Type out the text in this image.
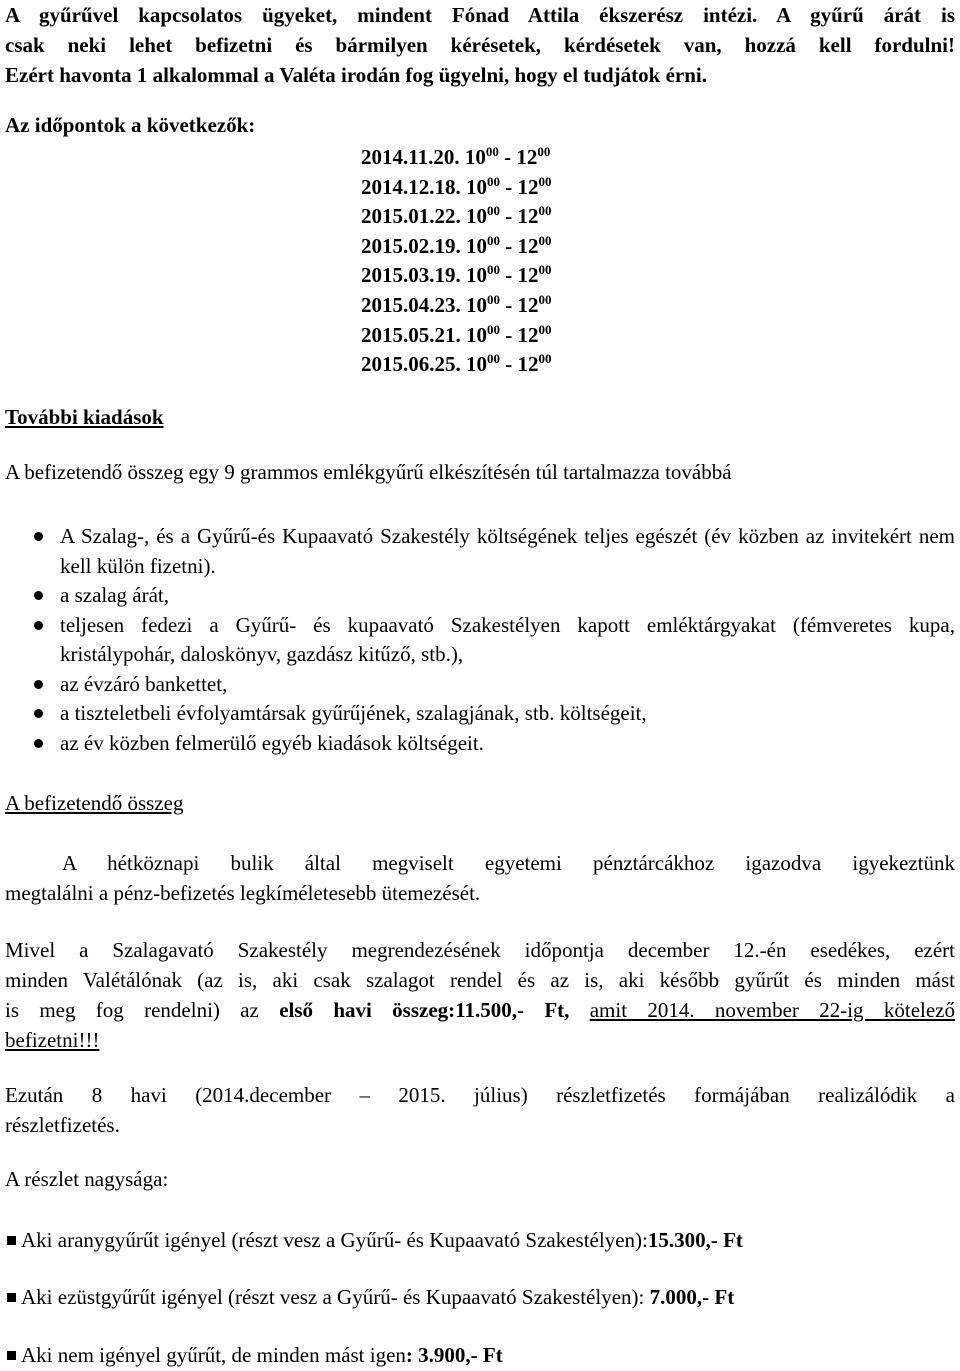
A gyűrűvel kapcsolatos ügyeket, mindent Fónad Attila ékszerész intézi. A gyűrű árát is
csak neki lehet befizetni és bármilyen kérésetek, kérdésetek van, hozzá kell fordulni!
Ezért havonta 1 alkalommal a Valéta irodán fog ügyelni, hogy el tudjátok érni.
Az időpontok a következők:
2014.11.20. $10^{00} - 12^{00}$
2014.12.18. $10^{00} - 12^{00}$
2015.01.22. $10^{00} - 12^{00}$
2015.02.19. $10^{00} - 12^{00}$
2015.03.19. $10^{00} - 12^{00}$
2015.04.23. $10^{00} - 12^{00}$
2015.05.21. $10^{00} - 12^{00}$
2015.06.25. $10^{00} - 12^{00}$
További kiadások
A befizetendő összeg egy 9 grammos emlékgyűrű elkészítésén túl tartalmazza továbbá
A Szalag-, és a Gyűrű-és Kupaavató Szakestély költségének teljes egészét (év közben az invitekért nem kell külön fizetni).
a szalag árát,
teljesen fedezi a Gyűrű- és kupaavató Szakestélyen kapott emléktárgyakat (fémveretes kupa, kristálypohár, daloskönyv, gazdász kitűző, stb.),
az évzáró bankettet,
a tiszteletbeli évfolyamtársak gyűrűjének, szalagjának, stb. költségeit,
az év közben felmerülő egyéb kiadások költségeit.
A befizetendő összeg
A hétköznapi bulik által megviselt egyetemi pénztárcákhoz igazodva igyekeztünk
megtalálni a pénz-befizetés legkíméletesebb ütemezését.
Mivel a Szalagavató Szakestély megrendezésének időpontja december 12.-én esedékes, ezért
minden Valétálónak (az is, aki csak szalagot rendel és az is, aki később gyűrűt és minden mást
is meg fog rendelni) az első havi összeg:11.500,- Ft, amit 2014. november 22-ig kötelező
befizetni!!!
Ezután 8 havi (2014.december – 2015. július) részletfizetés formájában realizálódik a
részletfizetés.
A részlet nagysága:
Aki aranygyűrűt igényel (részt vesz a Gyűrű- és Kupaavató Szakestélyen):15.300,- Ft
Aki ezüstgyűrűt igényel (részt vesz a Gyűrű- és Kupaavató Szakestélyen): 7.000,- Ft
Aki nem igényel gyűrűt, de minden mást igen: 3.900,- Ft
